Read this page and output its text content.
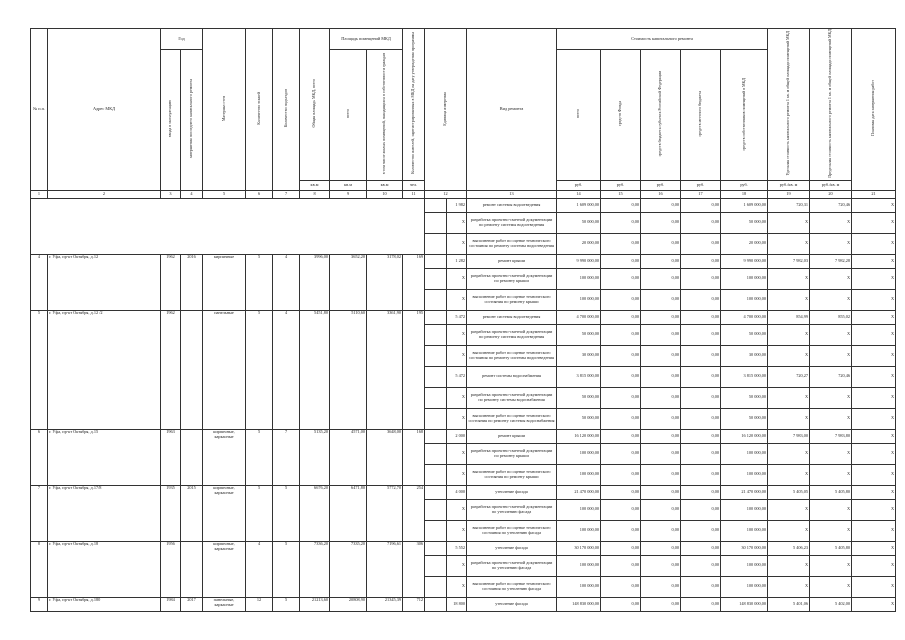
№ п.п.	Адрес МКД	Год		Материал стен	Количество этажей	Количество подъездов	Общая площадь МКД, всего	Площадь помещений МКД		Количество жителей, зарегистрированных в МКД на дату утверждения программы	Единица измерения		Вид ремонта	Стоимость капитального ремонта					Удельная стоимость капитального ремонта 1 кв. м общей площади помещений МКД	Предельная стоимость капитального ремонта 1 кв. м общей площади помещений МКД	Плановая дата завершения работ
		ввода в эксплуатацию	завершения последнего капитального ремонта					всего	в том числе жилых помещений, находящихся в собственности граждан					всего	средств Фонда	средств бюджета субъекта Российской Федерации	средств местного бюджета	средств собственников помещений в МКД			
							кв.м	кв.м	кв.м	чел.				руб.	руб.	руб.	руб.	руб.	руб./кв. м	руб./кв. м	
1	2	3	4	5	6	7	8	9	10	11	12		13	14	15	16	17	18	19	20	21
												1 982	ремонт системы водоотведения	1 609 000,00	0,00	0,00	0,00	1 609 000,00	720,31	720,46	X
												X	разработка проектно-сметной документации по ремонту системы водоотведения	50 000,00	0,00	0,00	0,00	50 000,00	X	X	X
												X	выполнение работ по оценке технического состояния по ремонту системы водоотведения	20 000,00	0,00	0,00	0,00	20 000,00	X	X	X
4	г. Уфа, пр-кт Октября, д.12	1962	2016	кирпичные	5	4	3996,00	3652,20	3178,02	169		1 282	ремонт крыши	9 990 000,00	0,00	0,00	0,00	9 990 000,00	7 982,03	7 982,28	X
												X	разработка проектно-сметной документации по ремонту крыши	100 000,00	0,00	0,00	0,00	100 000,00	X	X	X
												X	выполнение работ по оценке технического состояния по ремонту крыши	100 000,00	0,00	0,00	0,00	100 000,00	X	X	X
5	г. Уфа, пр-кт Октября, д.12 /2	1962		панельные	5	4	5451,80	5110,60	3361,90	195		5 472	ремонт системы водоотведения	4 700 000,00	0,00	0,00	0,00	4 700 000,00	854,99	855,02	X
												X	разработка проектно-сметной документации по ремонту системы водоотведения	50 000,00	0,00	0,00	0,00	50 000,00	X	X	X
												X	выполнение работ по оценке технического состояния по ремонту системы водоотведения	30 000,00	0,00	0,00	0,00	30 000,00	X	X	X
												5 472	ремонт системы водоснабжения	3 815 000,00	0,00	0,00	0,00	3 815 000,00	720,27	720,46	X
												X	разработка проектно-сметной документации по ремонту системы водоснабжения	50 000,00	0,00	0,00	0,00	50 000,00	X	X	X
												X	выполнение работ по оценке технического состояния по ремонту системы водоснабжения	50 000,00	0,00	0,00	0,00	50 000,00	X	X	X
6	г. Уфа, пр-кт Октября, д.15	1963		кирпичные, каркасные	5	7	5135,20	4571,00	3648,00	168		2 000	ремонт крыши	16 120 000,00	0,00	0,00	0,00	16 120 000,00	7 983,00	7 983,80	X
												X	разработка проектно-сметной документации по ремонту крыши	100 000,00	0,00	0,00	0,00	100 000,00	X	X	X
												X	выполнение работ по оценке технического состояния по ремонту крыши	100 000,00	0,00	0,00	0,00	100 000,00	X	X	X
7	г. Уфа, пр-кт Октября, д.17/8	1935	2015	кирпичные, каркасные	5	5	6676,20	6471,80	5772,70	254		4 000	утепление фасада	21 470 000,00	0,00	0,00	0,00	21 470 000,00	5 405,05	5 405,80	X
												X	разработка проектно-сметной документации по утеплению фасада	100 000,00	0,00	0,00	0,00	100 000,00	X	X	X
												X	выполнение работ по оценке технического состояния по утеплению фасада	100 000,00	0,00	0,00	0,00	100 000,00	X	X	X
8	г. Уфа, пр-кт Октября, д.18	1956		кирпичные, каркасные	4	5	7336,20	7335,20	7196,61	306		5 552	утепление фасада	30 170 000,00	0,00	0,00	0,00	30 170 000,00	5 406,23	5 405,80	X
												X	разработка проектно-сметной документации по утеплению фасада	100 000,00	0,00	0,00	0,00	100 000,00	X	X	X
												X	выполнение работ по оценке технического состояния по утеплению фасада	100 000,00	0,00	0,00	0,00	100 000,00	X	X	X
9	г. Уфа, пр-кт Октября, д.180	1984	2017	панельные, каркасные	12	5	21213,60	20808,90	21345,39	712		18 800	утепление фасада	148 830 000,00	0,00	0,00	0,00	148 830 000,00	5 401,06	5 402,00	X
